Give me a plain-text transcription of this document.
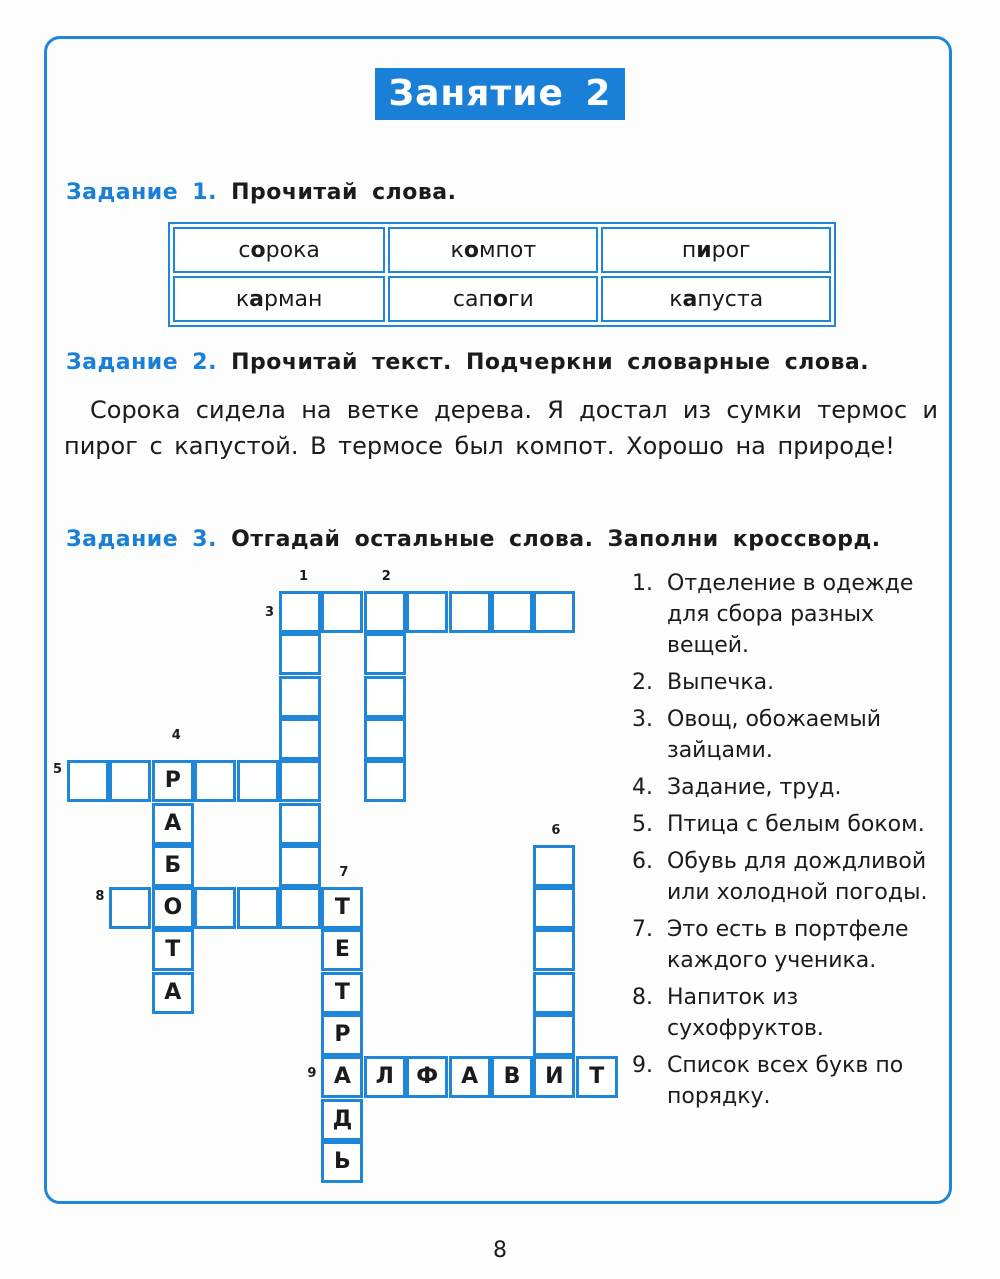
Занятие 2
Задание 1. Прочитай слова.
сорока	компот	пирог
карман	сапоги	капуста
Задание 2. Прочитай текст. Подчеркни словарные слова.
Сорока сидела на ветке дерева. Я достал из сумки термос и пирог с капустой. В термосе был компот. Хорошо на природе!
Задание 3. Отгадай остальные слова. Заполни кроссворд.
Р
А
Б
О
Т
А
Т
Е
Т
Р
А
Д
Ь
И
Л	Ф	А	В	Т
1	2
3
4
5
6
7
8
9
1. Отделение в одежде для сбора разных вещей.
2. Выпечка.
3. Овощ, обожаемый зайцами.
4. Задание, труд.
5. Птица с белым боком.
6. Обувь для дождливой или холодной погоды.
7. Это есть в портфеле каждого ученика.
8. Напиток из сухофруктов.
9. Список всех букв по порядку.
8
